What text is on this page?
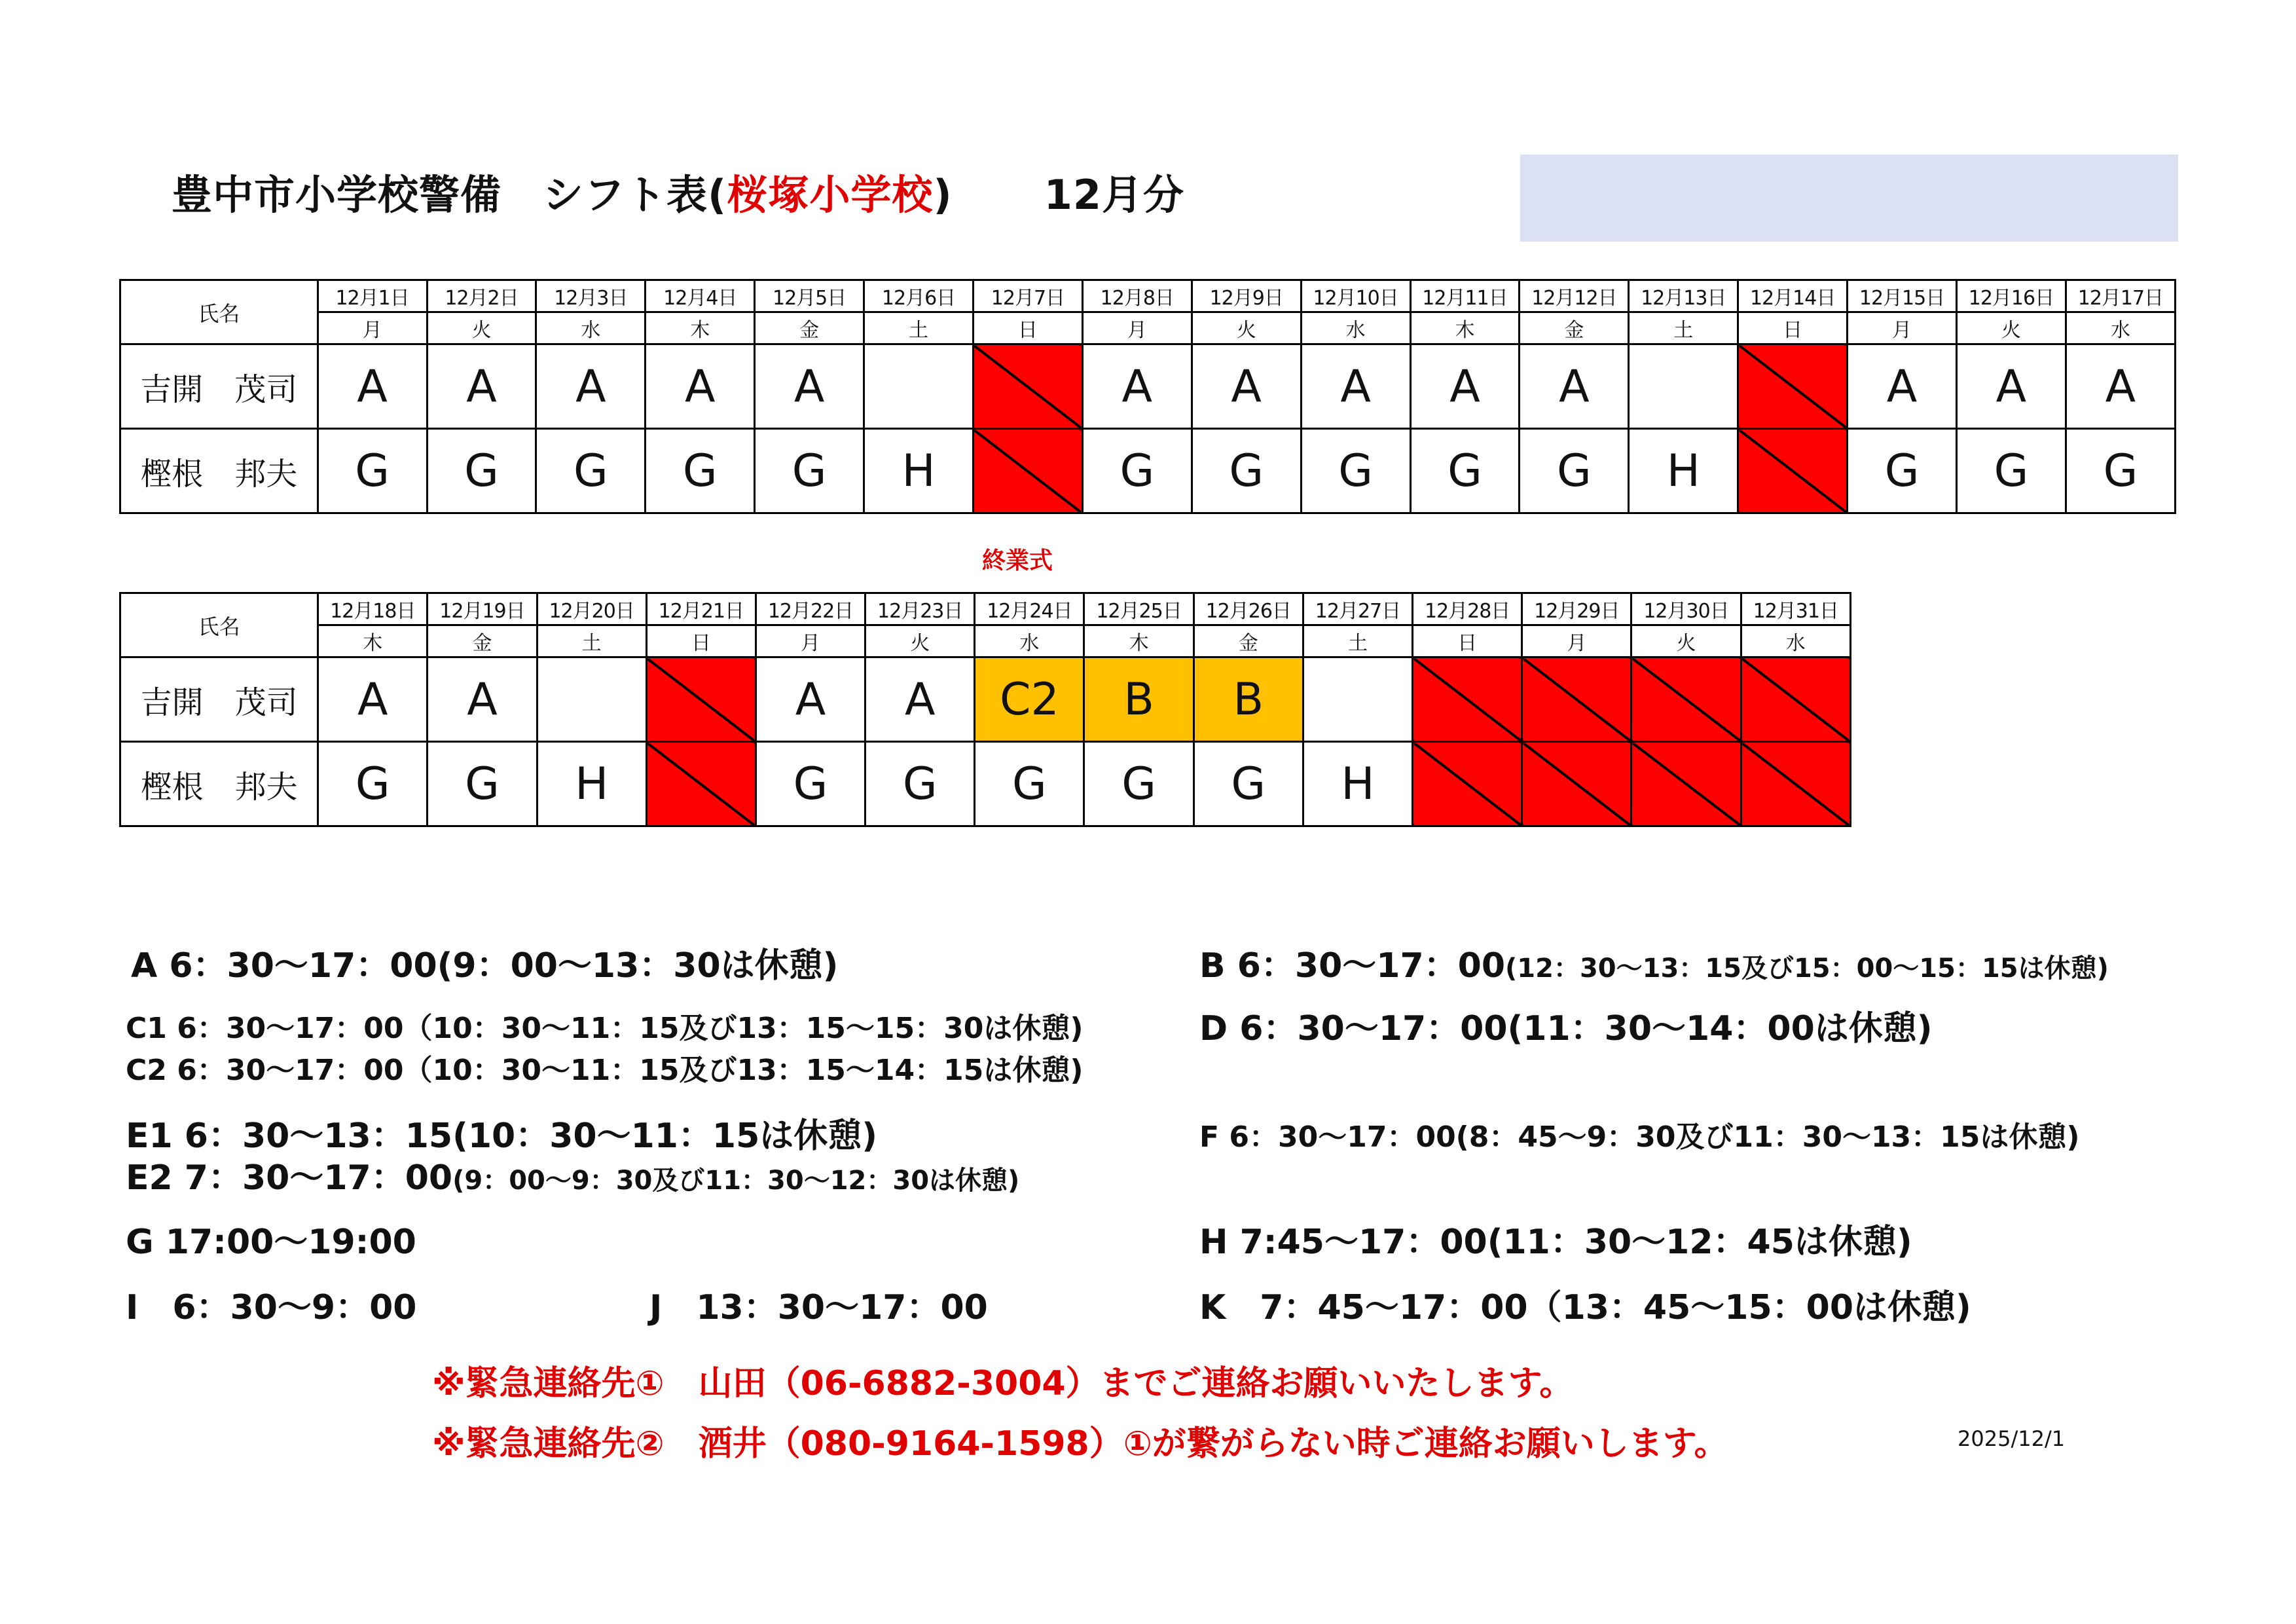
豊中市小学校警備　シフト表(桜塚小学校) 12月分
氏名	12月1日	12月2日	12月3日	12月4日	12月5日	12月6日	12月7日	12月8日	12月9日	12月10日	12月11日	12月12日	12月13日	12月14日	12月15日	12月16日	12月17日
	月	火	水	木	金	土	日	月	火	水	木	金	土	日	月	火	水
吉開　茂司	A	A	A	A	A			A	A	A	A	A			A	A	A
樫根　邦夫	G	G	G	G	G	H		G	G	G	G	G	H		G	G	G
終業式
氏名	12月18日	12月19日	12月20日	12月21日	12月22日	12月23日	12月24日	12月25日	12月26日	12月27日	12月28日	12月29日	12月30日	12月31日
	木	金	土	日	月	火	水	木	金	土	日	月	火	水
吉開　茂司	A	A			A	A	C2	B	B					
樫根　邦夫	G	G	H		G	G	G	G	G	H				
A 6：30～17：00(9：00～13：30は休憩)	B 6：30～17：00(12：30～13：15及び15：00～15：15は休憩)
C1 6：30～17：00（10：30～11：15及び13：15～15：30は休憩)
C2 6：30～17：00（10：30～11：15及び13：15～14：15は休憩)
D 6：30～17：00(11：30～14：00は休憩)
E1 6：30～13：15(10：30～11：15は休憩)
E2 7：30～17：00(9：00～9：30及び11：30～12：30は休憩)
F 6：30～17：00(8：45～9：30及び11：30～13：15は休憩)
G 17:00～19:00	H 7:45～17：00(11：30～12：45は休憩)
I　6：30～9：00	J　13：30～17：00	K　7：45～17：00（13：45～15：00は休憩)
※緊急連絡先①　山田（06-6882-3004）までご連絡お願いいたします。
※緊急連絡先②　酒井（080-9164-1598）①が繋がらない時ご連絡お願いします。	2025/12/1
